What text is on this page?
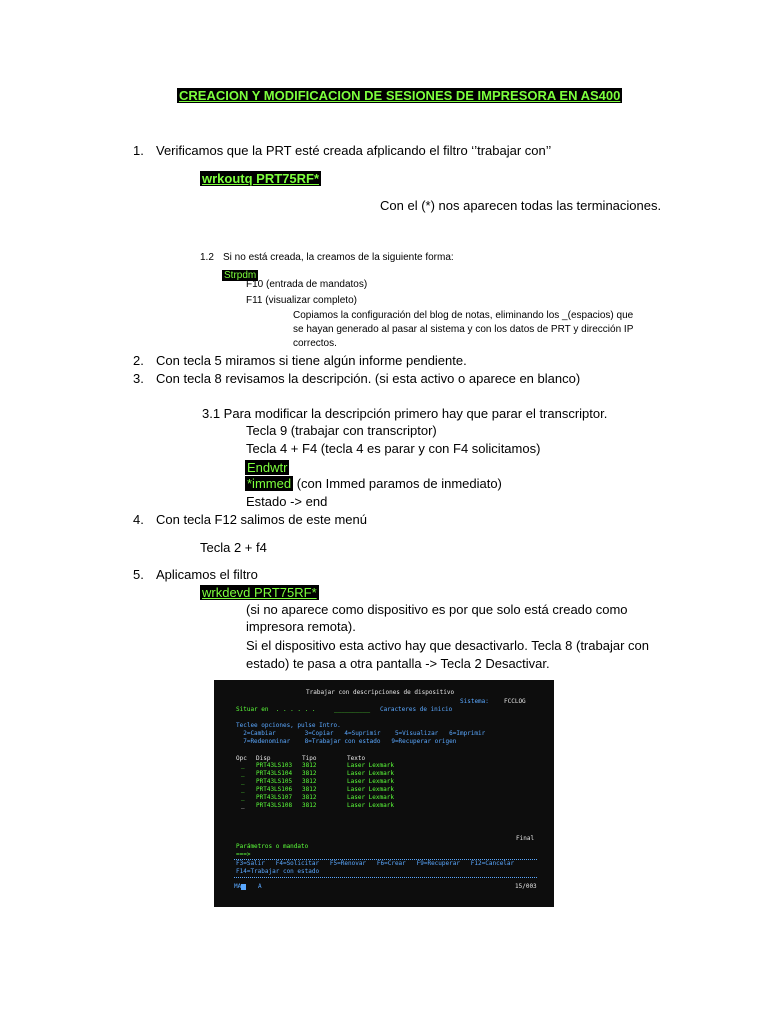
CREACION Y MODIFICACION DE SESIONES DE IMPRESORA EN AS400
1. Verificamos que la PRT esté creada afplicando el filtro ‘’trabajar con’’
wrkoutq PRT75RF*
Con el (*) nos aparecen todas las terminaciones.
1.2 Si no está creada, la creamos de la siguiente forma:
Strpdm
F10 (entrada de mandatos)
F11 (visualizar completo)
Copiamos la configuración del blog de notas, eliminando los _(espacios) que
se hayan generado al pasar al sistema y con los datos de PRT y dirección IP
correctos.
2. Con tecla 5 miramos si tiene algún informe pendiente.
3. Con tecla 8 revisamos la descripción. (si esta activo o aparece en blanco)
3.1 Para modificar la descripción primero hay que parar el transcriptor.
Tecla 9 (trabajar con transcriptor)
Tecla 4 + F4 (tecla 4 es parar y con F4 solicitamos)
Endwtr
*immed (con Immed paramos de inmediato)
Estado -> end
4. Con tecla F12 salimos de este menú
Tecla 2 + f4
5. Aplicamos el filtro
wrkdevd PRT75RF*
(si no aparece como dispositivo es por que solo está creado como
impresora remota).
Si el dispositivo esta activo hay que desactivarlo. Tecla 8 (trabajar con
estado) te pasa a otra pantalla -> Tecla 2 Desactivar.
Trabajar con descripciones de dispositivo
Sistema:	FCCLOG
Situar en  . . . . . .	__________ Caracteres de inicio
Teclee opciones, pulse Intro.
2=Cambiar        3=Copiar   4=Suprimir    5=Visualizar   6=Imprimir
7=Redenominar    8=Trabajar con estado   9=Recuperar origen
Opc Disp	Tipo	Texto
_ PRT43LS103 3812	Laser Lexmark
_ PRT43LS104 3812	Laser Lexmark
_ PRT43LS105 3812	Laser Lexmark
_ PRT43LS106 3812	Laser Lexmark
_ PRT43LS107 3812	Laser Lexmark
_ PRT43LS108 3812	Laser Lexmark
Final
Parámetros o mandato
===>
F3=Salir   F4=Solicitar   F5=Renovar   F6=Crear   F9=Recuperar   F12=Cancelar
F14=Trabajar con estado
MA	A	15/003
